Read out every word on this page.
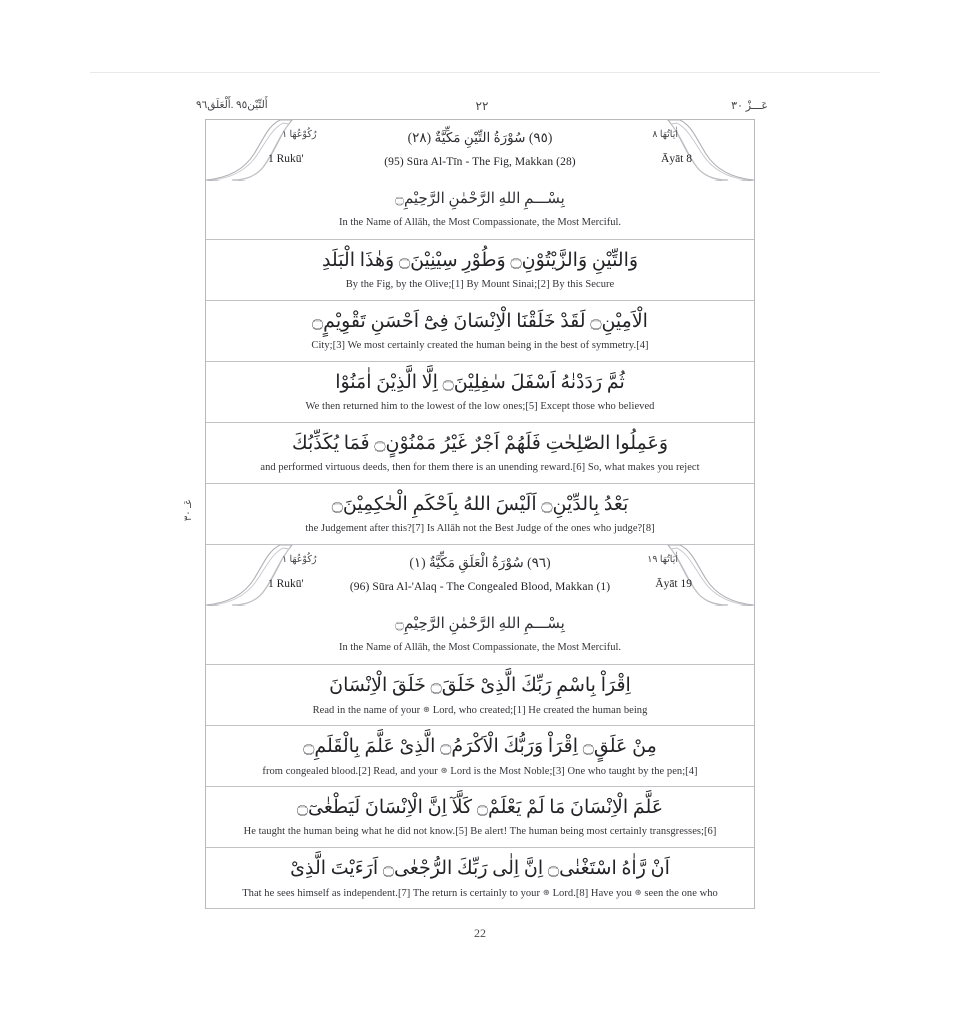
أَلتِّيْن٩٥ .أَلْعَلَق٩٦	٢٢	عَـــزْ ٣٠
عَـ ٣٠
رُكُوْعُهَا ١	اٰيَاتُهَا ٨
(٩٥) سُوْرَةُ التِّيْنِ مَكِّيَّةٌ (٢٨)
1 Rukū'	Āyāt 8
(95) Sūra Al-Tīn - The Fig, Makkan (28)
بِسْـــمِ اللهِ الرَّحْمٰنِ الرَّحِيْمِ۝
In the Name of Allāh, the Most Compassionate, the Most Merciful.
وَالتِّيْنِ وَالزَّيْتُوْنِ۝ وَطُوْرِ سِيْنِيْنَ۝ وَهٰذَا الْبَلَدِ
By the Fig, by the Olive;[1] By Mount Sinai;[2] By this Secure
الْاَمِيْنِ۝ لَقَدْ خَلَقْنَا الْاِنْسَانَ فِىْٓ اَحْسَنِ تَقْوِيْمٍ۝
City;[3] We most certainly created the human being in the best of symmetry.[4]
ثُمَّ رَدَدْنٰهُ اَسْفَلَ سٰفِلِيْنَ۝ اِلَّا الَّذِيْنَ اٰمَنُوْا
We then returned him to the lowest of the low ones;[5] Except those who believed
وَعَمِلُوا الصّٰلِحٰتِ فَلَهُمْ اَجْرٌ غَيْرُ مَمْنُوْنٍ۝ فَمَا يُكَذِّبُكَ
and performed virtuous deeds, then for them there is an unending reward.[6] So, what makes you reject
بَعْدُ بِالدِّيْنِ۝ اَلَيْسَ اللهُ بِاَحْكَمِ الْحٰكِمِيْنَ۝
the Judgement after this?[7] Is Allāh not the Best Judge of the ones who judge?[8]
رُكُوْعُهَا ١	اٰيَاتُهَا ١٩
(٩٦) سُوْرَةُ الْعَلَقِ مَكِّيَّةٌ (١)
1 Rukū'	Āyāt 19
(96) Sūra Al-'Alaq - The Congealed Blood, Makkan (1)
بِسْـــمِ اللهِ الرَّحْمٰنِ الرَّحِيْمِ۝
In the Name of Allāh, the Most Compassionate, the Most Merciful.
اِقْرَاْ بِاسْمِ رَبِّكَ الَّذِىْ خَلَقَ۝ خَلَقَ الْاِنْسَانَ
Read in the name of your ⊛ Lord, who created;[1] He created the human being
مِنْ عَلَقٍ۝ اِقْرَاْ وَرَبُّكَ الْاَكْرَمُ۝ الَّذِىْ عَلَّمَ بِالْقَلَمِ۝
from congealed blood.[2] Read, and your ⊛ Lord is the Most Noble;[3] One who taught by the pen;[4]
عَلَّمَ الْاِنْسَانَ مَا لَمْ يَعْلَمْ۝ كَلَّآ اِنَّ الْاِنْسَانَ لَيَطْغٰىٓ۝
He taught the human being what he did not know.[5] Be alert! The human being most certainly transgresses;[6]
اَنْ رَّاٰهُ اسْتَغْنٰى۝ اِنَّ اِلٰى رَبِّكَ الرُّجْعٰى۝ اَرَءَيْتَ الَّذِىْ
That he sees himself as independent.[7] The return is certainly to your ⊛ Lord.[8] Have you ⊛ seen the one who
22
